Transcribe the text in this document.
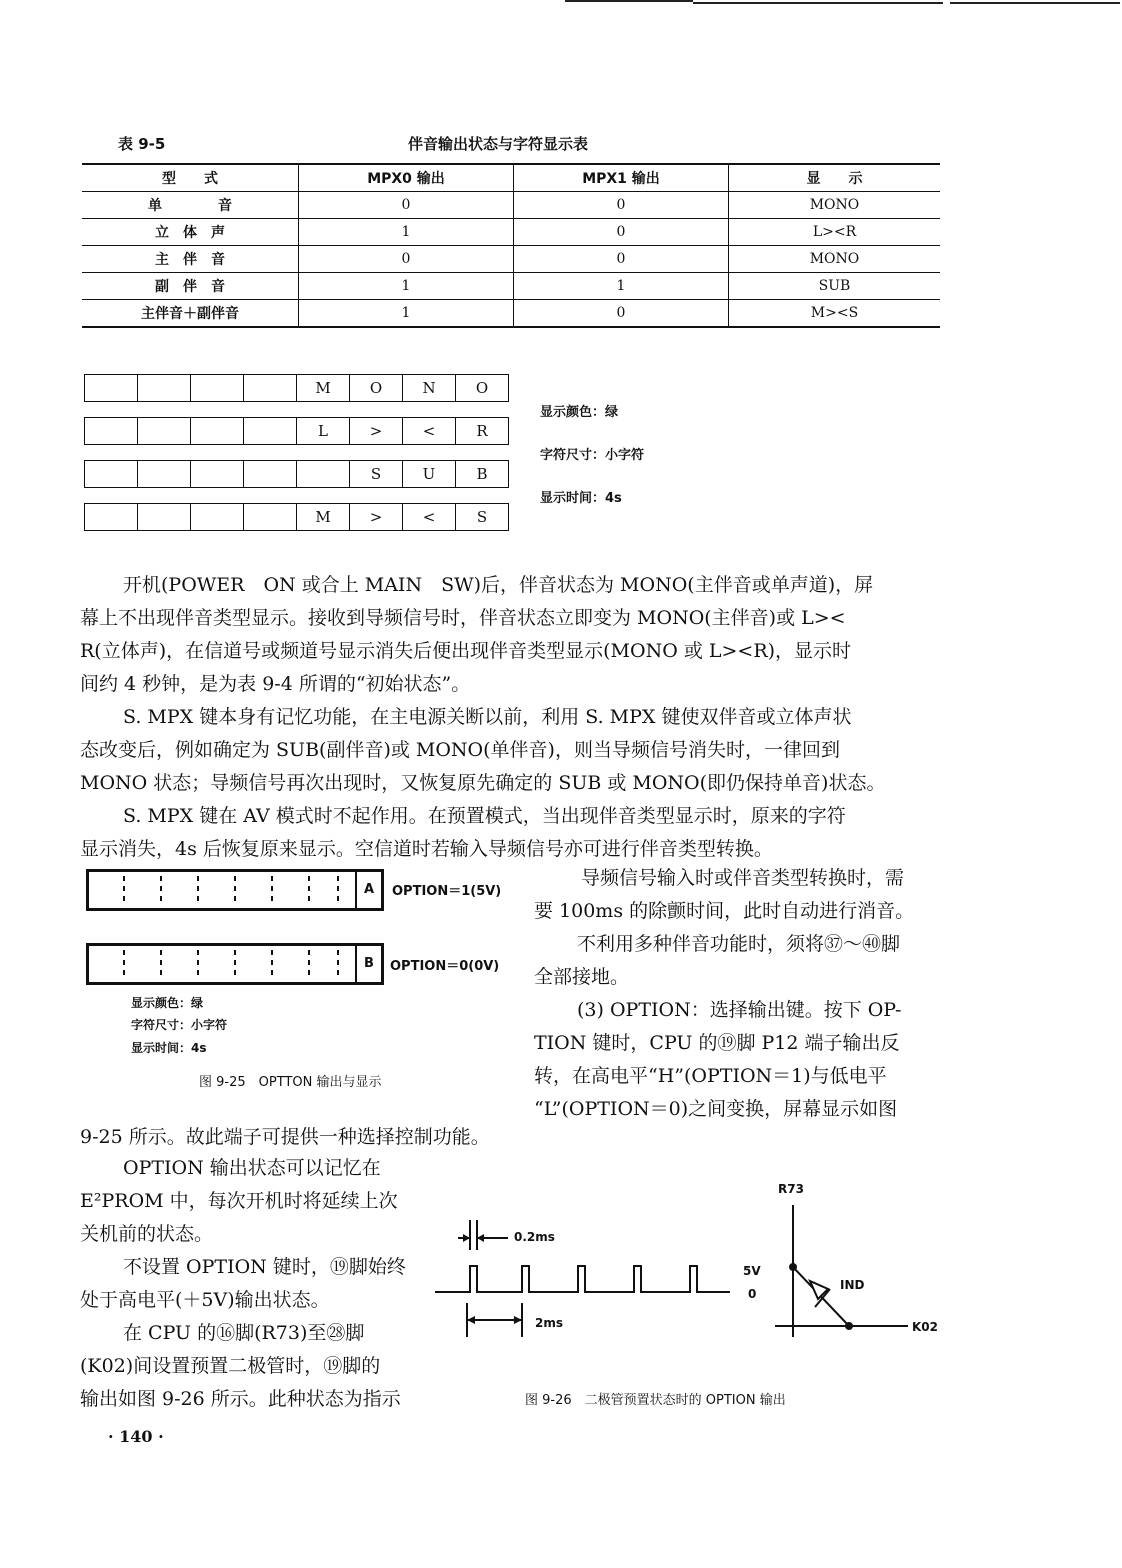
表 9-5	伴音输出状态与字符显示表
型　　式	MPX0 输出	MPX1 输出	显　　示
单　　　　音	0	0	MONO
立　体　声	1	0	L><R
主　伴　音	0	0	MONO
副　伴　音	1	1	SUB
主伴音＋副伴音	1	0	M><S
M	O	N	O
L	>	<	R
S	U	B
M	>	<	S
显示颜色：绿
字符尺寸：小字符
显示时间：4s

开机(POWER　ON 或合上 MAIN　SW)后，伴音状态为 MONO(主伴音或单声道)，屏

幕上不出现伴音类型显示。接收到导频信号时，伴音状态立即变为 MONO(主伴音)或 L><

R(立体声)，在信道号或频道号显示消失后便出现伴音类型显示(MONO 或 L><R)，显示时

间约 4 秒钟，是为表 9-4 所谓的“初始状态”。

S. MPX 键本身有记忆功能，在主电源关断以前，利用 S. MPX 键使双伴音或立体声状

态改变后，例如确定为 SUB(副伴音)或 MONO(单伴音)，则当导频信号消失时，一律回到

MONO 状态；导频信号再次出现时，又恢复原先确定的 SUB 或 MONO(即仍保持单音)状态。

S. MPX 键在 AV 模式时不起作用。在预置模式，当出现伴音类型显示时，原来的字符

显示消失，4s 后恢复原来显示。空信道时若输入导频信号亦可进行伴音类型转换。

A	OPTION＝1(5V)
B	OPTION＝0(0V)
显示颜色：绿
字符尺寸：小字符
显示时间：4s
图 9-25　OPTTON 输出与显示

导频信号输入时或伴音类型转换时，需

要 100ms 的除颤时间，此时自动进行消音。

不利用多种伴音功能时，须将㊲～㊵脚

全部接地。

(3) OPTION：选择输出键。按下 OP-

TION 键时，CPU 的⑲脚 P12 端子输出反

转，在高电平“H”(OPTION＝1)与低电平

“L”(OPTION＝0)之间变换，屏幕显示如图

9-25 所示。故此端子可提供一种选择控制功能。

OPTION 输出状态可以记忆在

E²PROM 中，每次开机时将延续上次

关机前的状态。

不设置 OPTION 键时，⑲脚始终

处于高电平(＋5V)输出状态。

在 CPU 的⑯脚(R73)至㉘脚

(K02)间设置预置二极管时，⑲脚的

输出如图 9-26 所示。此种状态为指示

0.2ms
2ms
5V
0
R73
IND
K02
图 9-26　二极管预置状态时的 OPTION 输出
· 140 ·
